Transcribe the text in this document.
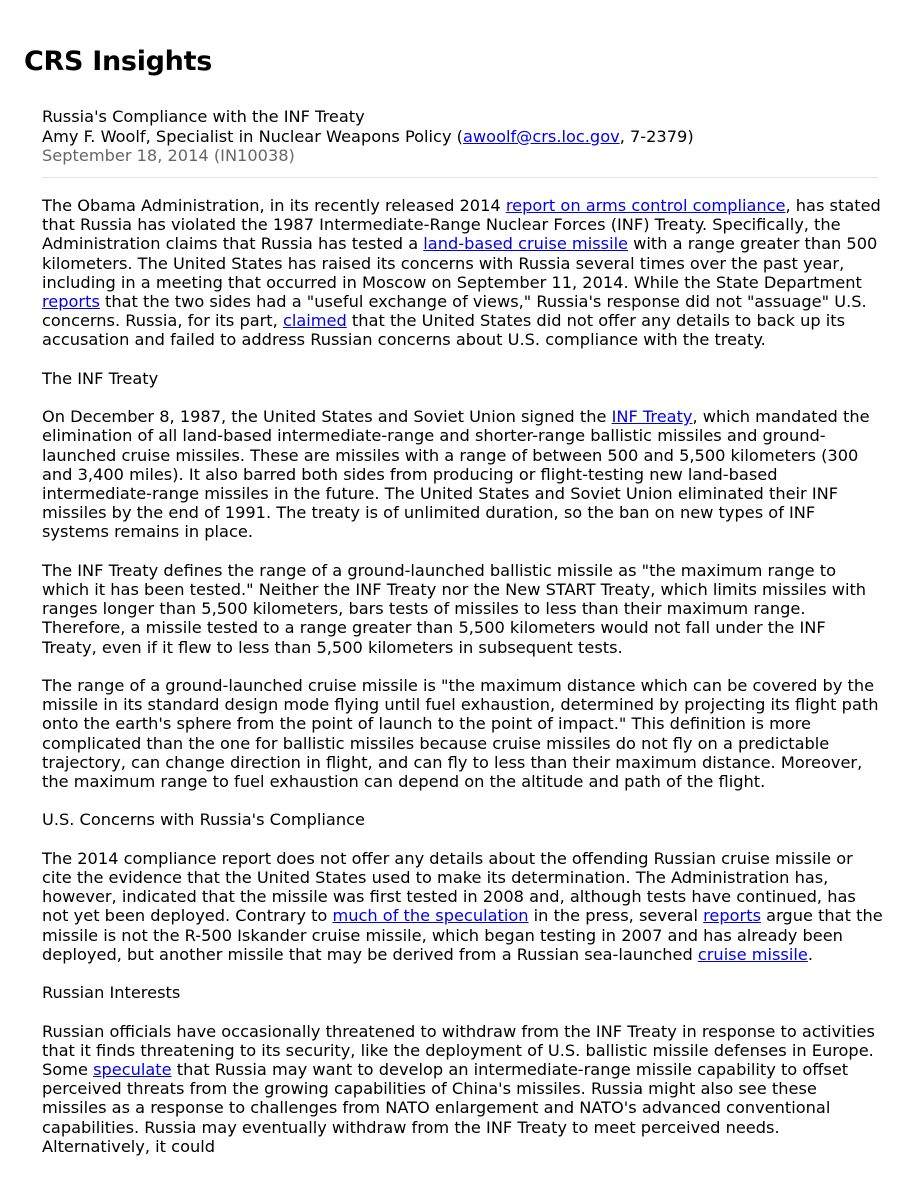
CRS Insights
Russia's Compliance with the INF Treaty
Amy F. Woolf, Specialist in Nuclear Weapons Policy (awoolf@crs.loc.gov, 7-2379)
September 18, 2014 (IN10038)

The Obama Administration, in its recently released 2014 report on arms control compliance, has stated that Russia has violated the 1987 Intermediate-Range Nuclear Forces (INF) Treaty. Specifically, the Administration claims that Russia has tested a land-based cruise missile with a range greater than 500 kilometers. The United States has raised its concerns with Russia several times over the past year, including in a meeting that occurred in Moscow on September 11, 2014. While the State Department reports that the two sides had a "useful exchange of views," Russia's response did not "assuage" U.S. concerns. Russia, for its part, claimed that the United States did not offer any details to back up its accusation and failed to address Russian concerns about U.S. compliance with the treaty.

The INF Treaty

On December 8, 1987, the United States and Soviet Union signed the INF Treaty, which mandated the elimination of all land-based intermediate-range and shorter-range ballistic missiles and ground-launched cruise missiles. These are missiles with a range of between 500 and 5,500 kilometers (300 and 3,400 miles). It also barred both sides from producing or flight-testing new land-based intermediate-range missiles in the future. The United States and Soviet Union eliminated their INF missiles by the end of 1991. The treaty is of unlimited duration, so the ban on new types of INF systems remains in place.

The INF Treaty defines the range of a ground-launched ballistic missile as "the maximum range to which it has been tested." Neither the INF Treaty nor the New START Treaty, which limits missiles with ranges longer than 5,500 kilometers, bars tests of missiles to less than their maximum range. Therefore, a missile tested to a range greater than 5,500 kilometers would not fall under the INF Treaty, even if it flew to less than 5,500 kilometers in subsequent tests.

The range of a ground-launched cruise missile is "the maximum distance which can be covered by the missile in its standard design mode flying until fuel exhaustion, determined by projecting its flight path onto the earth's sphere from the point of launch to the point of impact." This definition is more complicated than the one for ballistic missiles because cruise missiles do not fly on a predictable trajectory, can change direction in flight, and can fly to less than their maximum distance. Moreover, the maximum range to fuel exhaustion can depend on the altitude and path of the flight.

U.S. Concerns with Russia's Compliance

The 2014 compliance report does not offer any details about the offending Russian cruise missile or cite the evidence that the United States used to make its determination. The Administration has, however, indicated that the missile was first tested in 2008 and, although tests have continued, has not yet been deployed. Contrary to much of the speculation in the press, several reports argue that the missile is not the R-500 Iskander cruise missile, which began testing in 2007 and has already been deployed, but another missile that may be derived from a Russian sea-launched cruise missile.

Russian Interests

Russian officials have occasionally threatened to withdraw from the INF Treaty in response to activities that it finds threatening to its security, like the deployment of U.S. ballistic missile defenses in Europe. Some speculate that Russia may want to develop an intermediate-range missile capability to offset perceived threats from the growing capabilities of China's missiles. Russia might also see these missiles as a response to challenges from NATO enlargement and NATO's advanced conventional capabilities. Russia may eventually withdraw from the INF Treaty to meet perceived needs. Alternatively, it could
